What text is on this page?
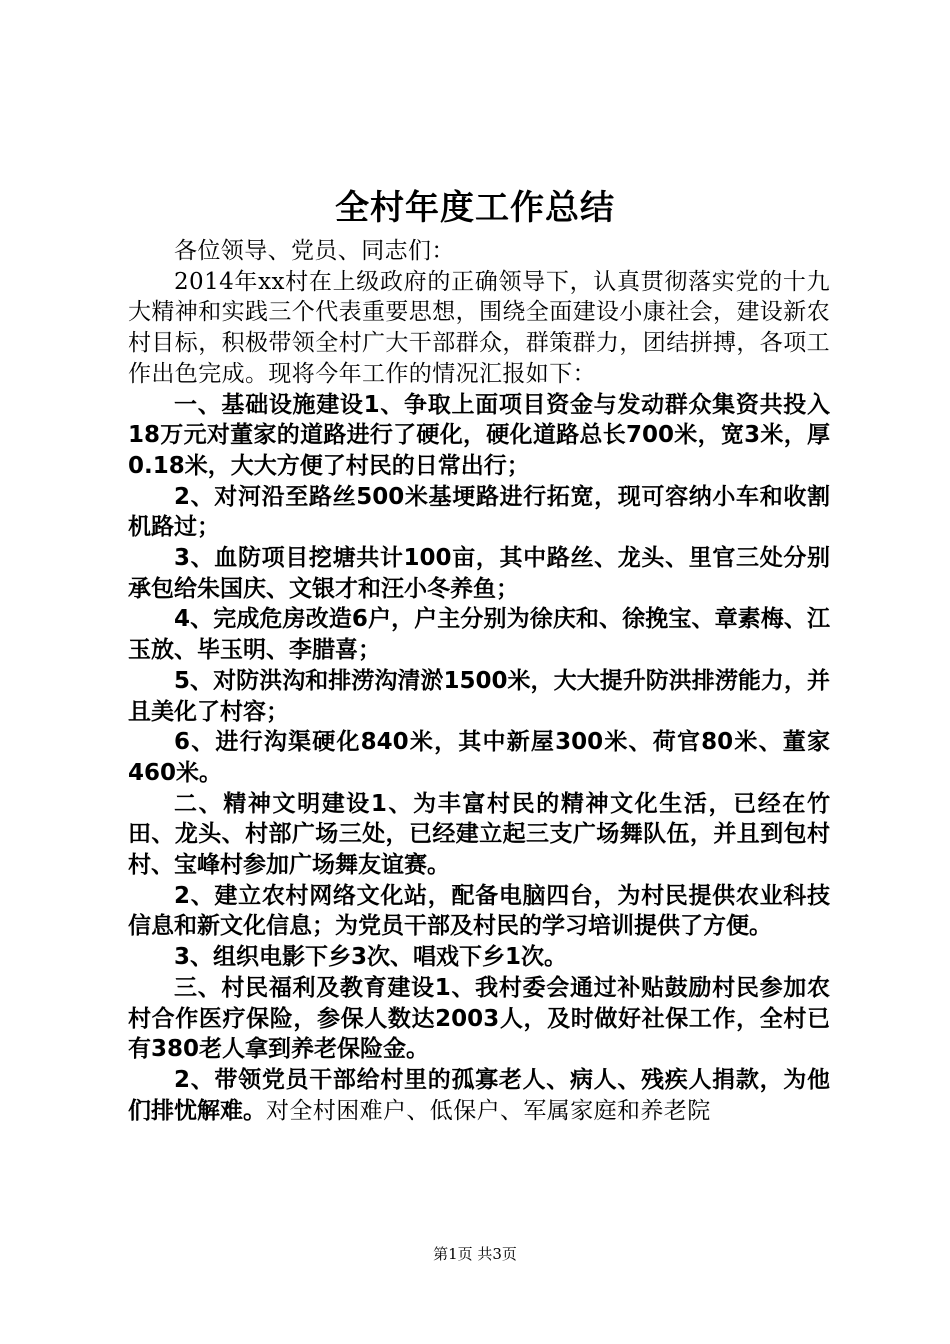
全村年度工作总结

各位领导、党员、同志们：

2014年xx村在上级政府的正确领导下，认真贯彻落实党的十九大精神和实践三个代表重要思想，围绕全面建设小康社会，建设新农村目标，积极带领全村广大干部群众，群策群力，团结拼搏，各项工作出色完成。现将今年工作的情况汇报如下：

一、基础设施建设1、争取上面项目资金与发动群众集资共投入18万元对董家的道路进行了硬化，硬化道路总长700米，宽3米，厚0.18米，大大方便了村民的日常出行；

2、对河沿至路丝500米基埂路进行拓宽，现可容纳小车和收割机路过；

3、血防项目挖塘共计100亩，其中路丝、龙头、里官三处分别承包给朱国庆、文银才和汪小冬养鱼；

4、完成危房改造6户，户主分别为徐庆和、徐挽宝、章素梅、江玉放、毕玉明、李腊喜；

5、对防洪沟和排涝沟清淤1500米，大大提升防洪排涝能力，并且美化了村容；

6、进行沟渠硬化840米，其中新屋300米、荷官80米、董家460米。

二、精神文明建设1、为丰富村民的精神文化生活，已经在竹田、龙头、村部广场三处，已经建立起三支广场舞队伍，并且到包村村、宝峰村参加广场舞友谊赛。

2、建立农村网络文化站，配备电脑四台，为村民提供农业科技信息和新文化信息；为党员干部及村民的学习培训提供了方便。

3、组织电影下乡3次、唱戏下乡1次。

三、村民福利及教育建设1、我村委会通过补贴鼓励村民参加农村合作医疗保险，参保人数达2003人，及时做好社保工作，全村已有380老人拿到养老保险金。

2、带领党员干部给村里的孤寡老人、病人、残疾人捐款，为他们排忧解难。对全村困难户、低保户、军属家庭和养老院

第1页 共3页
